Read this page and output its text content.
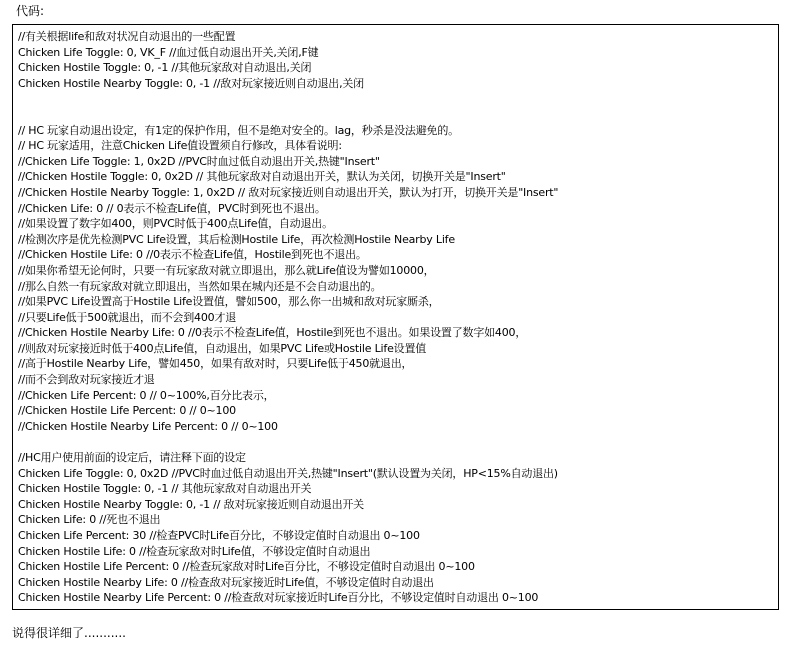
代码:
//有关根据life和敌对状况自动退出的一些配置
Chicken Life Toggle: 0, VK_F //血过低自动退出开关,关闭,F键
Chicken Hostile Toggle: 0, -1 //其他玩家敌对自动退出,关闭
Chicken Hostile Nearby Toggle: 0, -1 //敌对玩家接近则自动退出,关闭
// HC 玩家自动退出设定，有1定的保护作用，但不是绝对安全的。lag，秒杀是没法避免的。
// HC 玩家适用，注意Chicken Life值设置须自行修改，具体看说明:
//Chicken Life Toggle: 1, 0x2D //PVC时血过低自动退出开关,热键"Insert"
//Chicken Hostile Toggle: 0, 0x2D // 其他玩家敌对自动退出开关，默认为关闭，切换开关是"Insert"
//Chicken Hostile Nearby Toggle: 1, 0x2D // 敌对玩家接近则自动退出开关，默认为打开，切换开关是"Insert"
//Chicken Life: 0 // 0表示不检查Life值，PVC时到死也不退出。
//如果设置了数字如400，则PVC时低于400点Life值，自动退出。
//检测次序是优先检测PVC Life设置，其后检测Hostile Life，再次检测Hostile Nearby Life
//Chicken Hostile Life: 0 //0表示不检查Life值，Hostile到死也不退出。
//如果你希望无论何时，只要一有玩家敌对就立即退出，那么就Life值设为譬如10000，
//那么自然一有玩家敌对就立即退出，当然如果在城内还是不会自动退出的。
//如果PVC Life设置高于Hostile Life设置值，譬如500，那么你一出城和敌对玩家厮杀，
//只要Life低于500就退出，而不会到400才退
//Chicken Hostile Nearby Life: 0 //0表示不检查Life值，Hostile到死也不退出。如果设置了数字如400，
//则敌对玩家接近时低于400点Life值，自动退出，如果PVC Life或Hostile Life设置值
//高于Hostile Nearby Life，譬如450，如果有敌对时，只要Life低于450就退出，
//而不会到敌对玩家接近才退
//Chicken Life Percent: 0 // 0~100%,百分比表示，
//Chicken Hostile Life Percent: 0 // 0~100
//Chicken Hostile Nearby Life Percent: 0 // 0~100
//HC用户使用前面的设定后，请注释下面的设定
Chicken Life Toggle: 0, 0x2D //PVC时血过低自动退出开关,热键"Insert"(默认设置为关闭，HP<15%自动退出)
Chicken Hostile Toggle: 0, -1 // 其他玩家敌对自动退出开关
Chicken Hostile Nearby Toggle: 0, -1 // 敌对玩家接近则自动退出开关
Chicken Life: 0 //死也不退出
Chicken Life Percent: 30 //检查PVC时Life百分比，不够设定值时自动退出 0~100
Chicken Hostile Life: 0 //检查玩家敌对时Life值，不够设定值时自动退出
Chicken Hostile Life Percent: 0 //检查玩家敌对时Life百分比，不够设定值时自动退出 0~100
Chicken Hostile Nearby Life: 0 //检查敌对玩家接近时Life值，不够设定值时自动退出
Chicken Hostile Nearby Life Percent: 0 //检查敌对玩家接近时Life百分比，不够设定值时自动退出 0~100
说得很详细了...........
